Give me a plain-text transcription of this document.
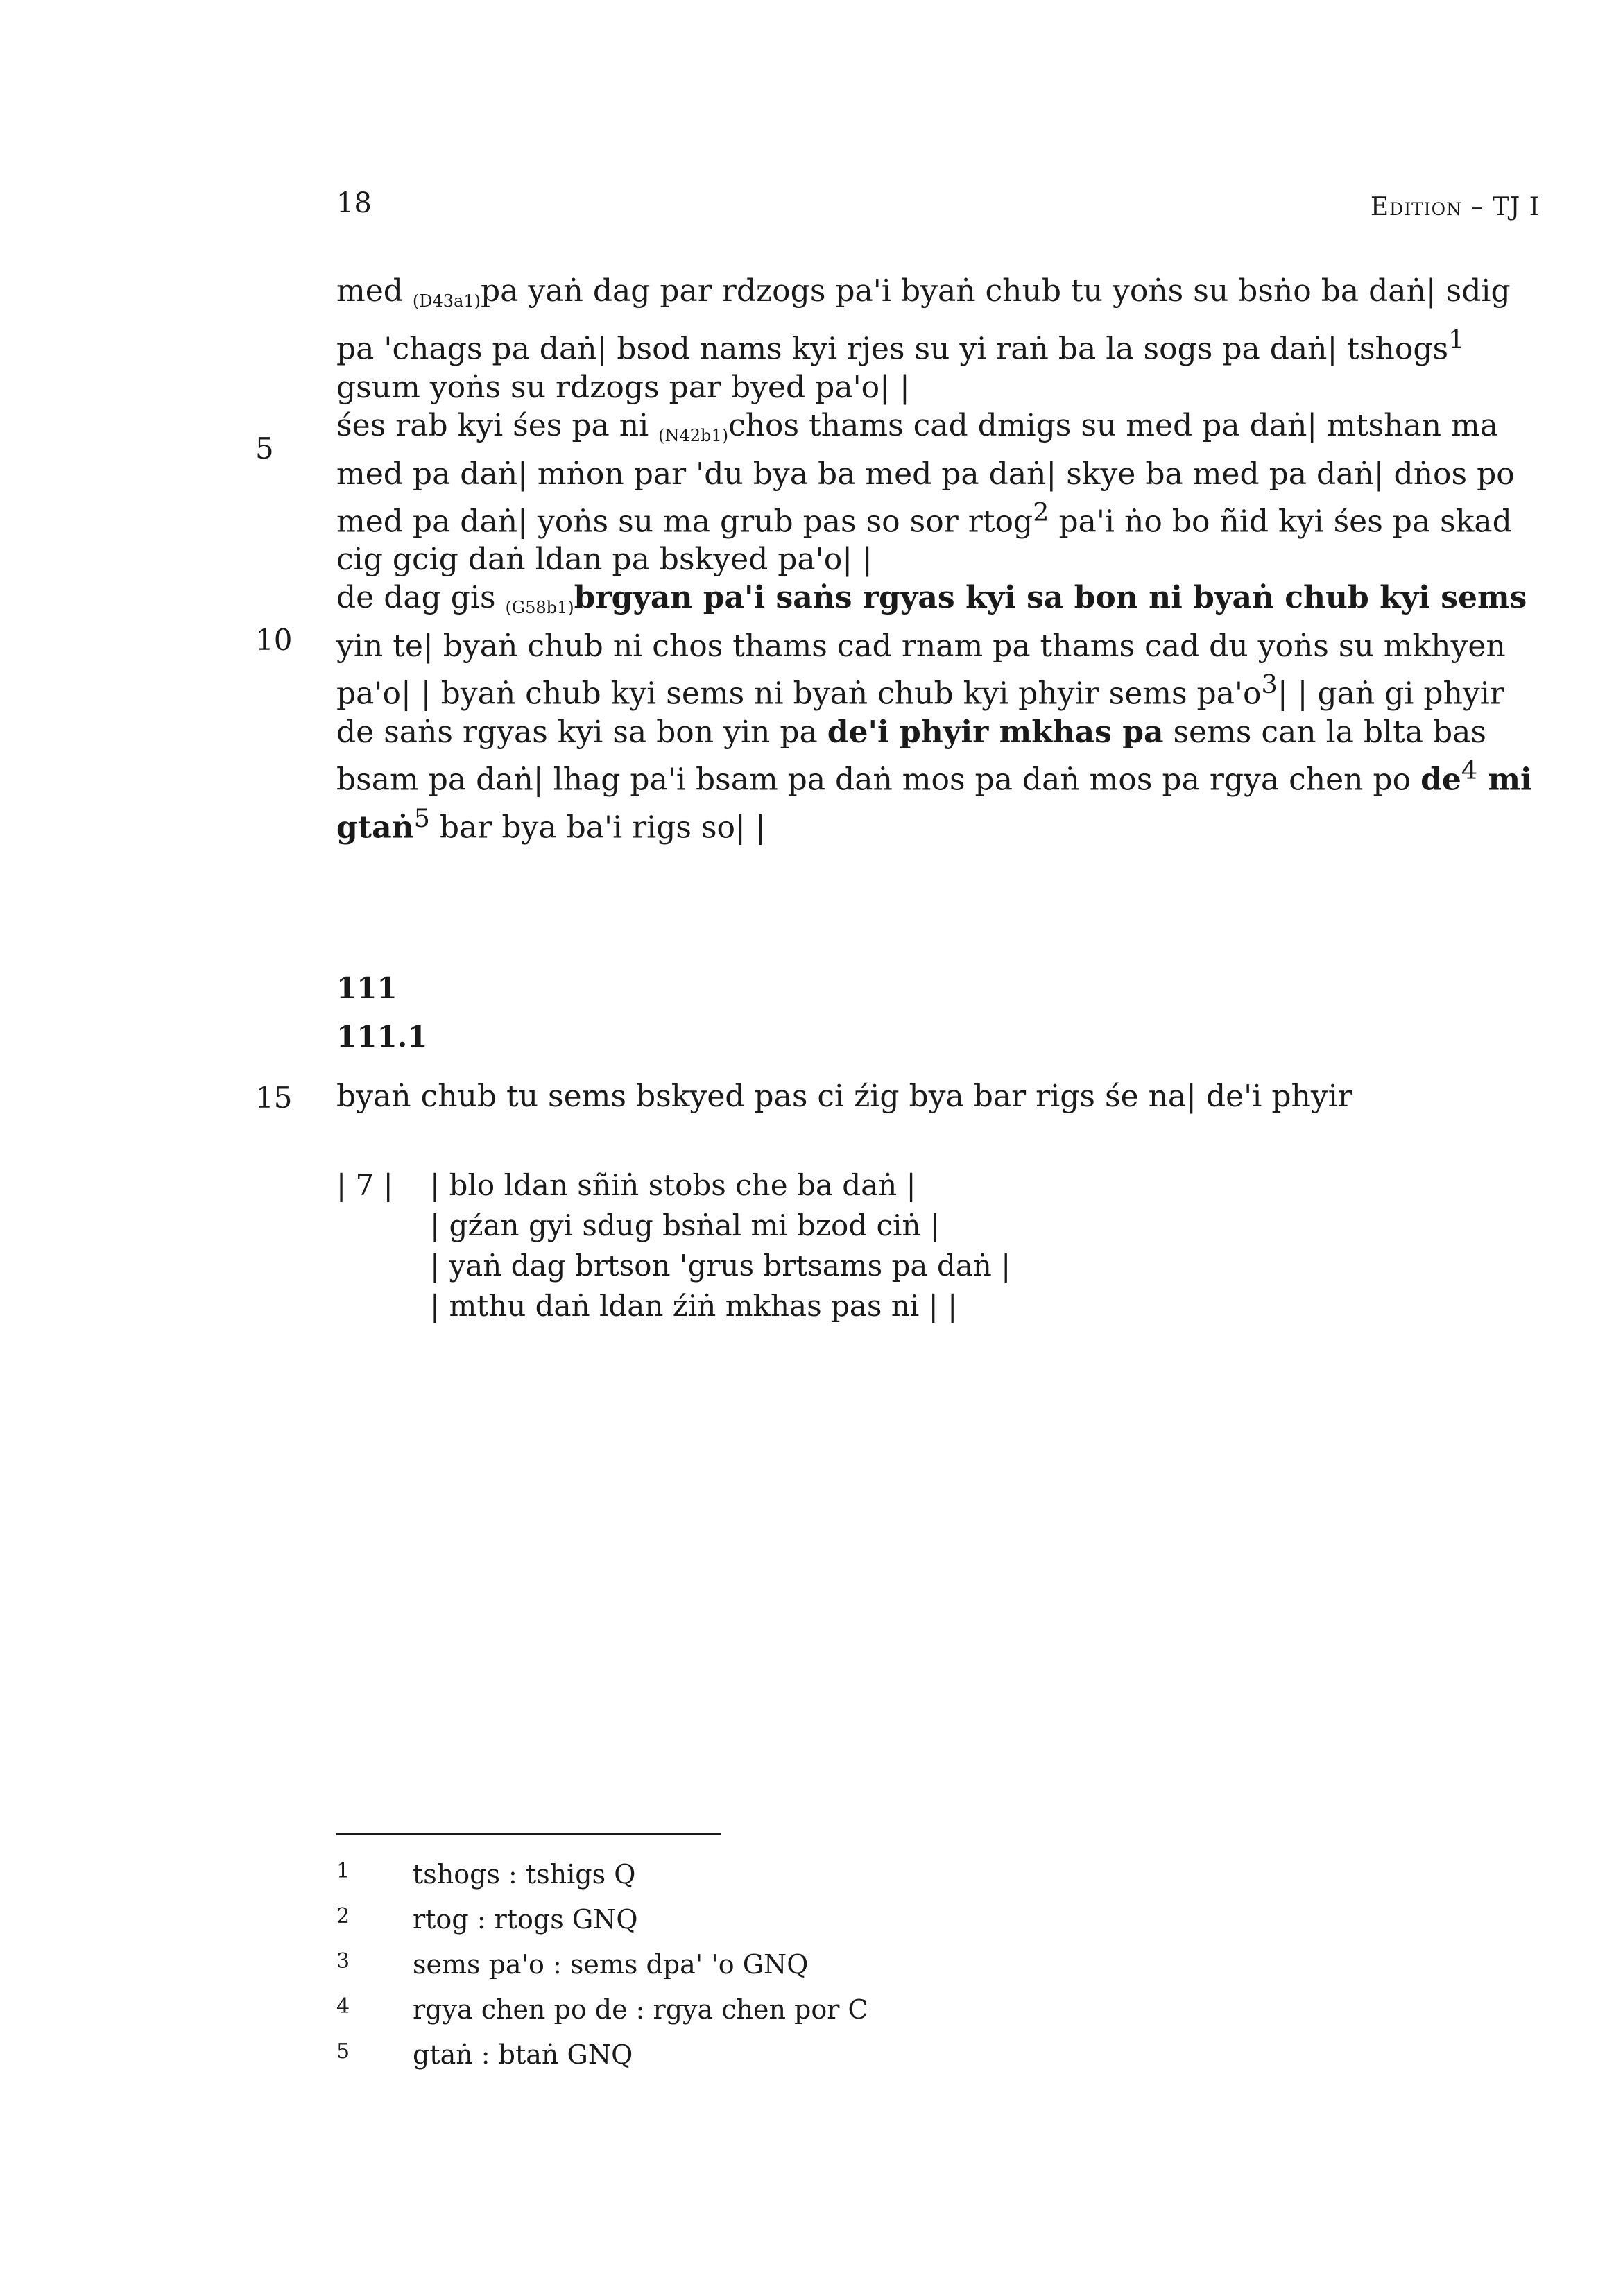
18	Edition – TJ I

med (D43a1)pa yaṅ dag par rdzogs pa'i byaṅ chub tu yoṅs su bsṅo ba daṅ| sdig pa 'chags pa daṅ| bsod nams kyi rjes su yi raṅ ba la sogs pa daṅ| tshogs$^1$ gsum yoṅs su rdzogs par byed pa'o| |

śes rab kyi śes pa ni (N42b1)chos thams cad dmigs su med pa daṅ| mtshan ma med pa daṅ| mṅon par 'du bya ba med pa daṅ| skye ba med pa daṅ| dṅos po med pa daṅ| yoṅs su ma grub pas so sor rtog$^2$ pa'i ṅo bo ñid kyi śes pa skad cig gcig daṅ ldan pa bskyed pa'o| |

de dag gis (G58b1)brgyan pa'i saṅs rgyas kyi sa bon ni byaṅ chub kyi sems yin te| byaṅ chub ni chos thams cad rnam pa thams cad du yoṅs su mkhyen pa'o| | byaṅ chub kyi sems ni byaṅ chub kyi phyir sems $pa'o^3|$ | gaṅ gi phyir de saṅs rgyas kyi sa bon yin pa de'i phyir mkhas pa sems can la blta bas bsam pa daṅ| lhag pa'i bsam pa daṅ mos pa daṅ mos pa rgya chen po $de^4$ mi gtaṅ$^5$ bar bya ba'i rigs so| |

5
10
15
111
111.1
byaṅ chub tu sems bskyed pas ci źig bya bar rigs śe na| de'i phyir
| 7 |	| blo ldan sñiṅ stobs che ba daṅ |
| gźan gyi sdug bsṅal mi bzod ciṅ |
| yaṅ dag brtson 'grus brtsams pa daṅ |
| mthu daṅ ldan źiṅ mkhas pas ni | |
1 tshogs : tshigs Q
2 rtog : rtogs GNQ
3 sems pa'o : sems dpa' 'o GNQ
4 rgya chen po de : rgya chen por C
5 gtaṅ : btaṅ GNQ
